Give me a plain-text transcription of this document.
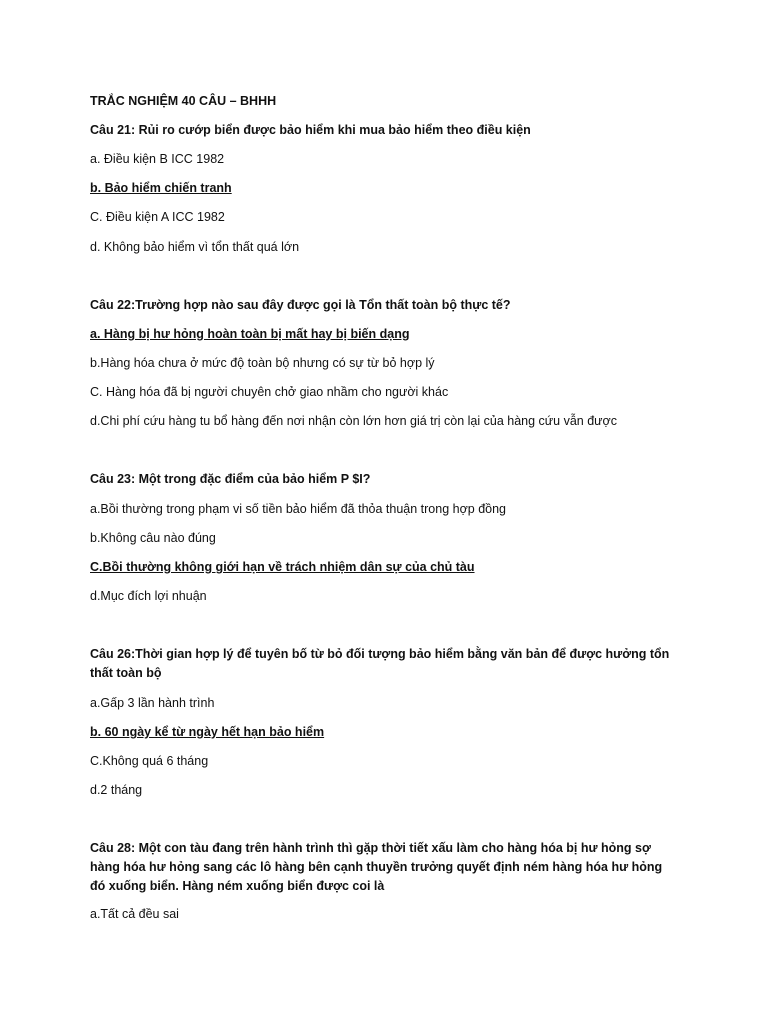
TRẮC NGHIỆM 40 CÂU – BHHH
Câu 21: Rủi ro cướp biển được bảo hiểm khi mua bảo hiểm theo điều kiện
a. Điều kiện B ICC 1982
b. Bảo hiểm chiến tranh
C. Điều kiện A ICC 1982
d. Không bảo hiểm vì tổn thất quá lớn
Câu 22:Trường hợp nào sau đây được gọi là Tổn thất toàn bộ thực tế?
a. Hàng bị hư hỏng hoàn toàn bị mất hay bị biến dạng
b.Hàng hóa chưa ở mức độ toàn bộ nhưng có sự từ bỏ hợp lý
C. Hàng hóa đã bị người chuyên chở giao nhầm cho người khác
d.Chi phí cứu hàng tu bổ hàng đến nơi nhận còn lớn hơn giá trị còn lại của hàng cứu vẫn được
Câu 23: Một trong đặc điểm của bảo hiểm P $I?
a.Bồi thường trong phạm vi số tiền bảo hiểm đã thỏa thuận trong hợp đồng
b.Không câu nào đúng
C.Bồi thường không giới hạn về trách nhiệm dân sự của chủ tàu
d.Mục đích lợi nhuận
Câu 26:Thời gian hợp lý để tuyên bố từ bỏ đối tượng bảo hiểm bằng văn bản để được hưởng tổn thất toàn bộ
a.Gấp 3 lần hành trình
b. 60 ngày kể từ ngày hết hạn bảo hiểm
C.Không quá 6 tháng
d.2 tháng
Câu 28: Một con tàu đang trên hành trình thì gặp thời tiết xấu làm cho hàng hóa bị hư hỏng sợ hàng hóa hư hỏng sang các lô hàng bên cạnh thuyền trưởng quyết định ném hàng hóa hư hỏng đó xuống biển. Hàng ném xuống biển được coi là
a.Tất cả đều sai
